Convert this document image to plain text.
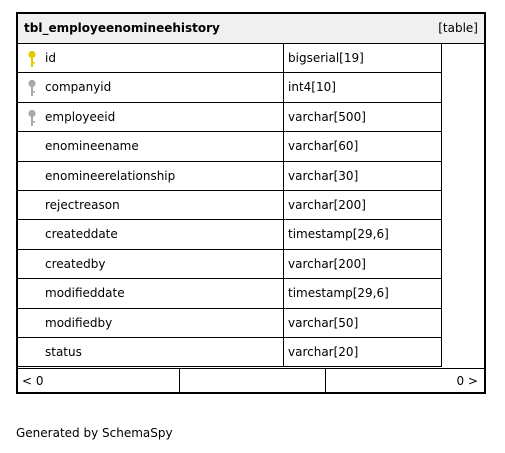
tbl_employeenomineehistory	[table]
id	bigserial[19]
companyid	int4[10]
employeeid	varchar[500]
enomineename	varchar[60]
enomineerelationship	varchar[30]
rejectreason	varchar[200]
createddate	timestamp[29,6]
createdby	varchar[200]
modifieddate	timestamp[29,6]
modifiedby	varchar[50]
status	varchar[20]
< 0	0 >
Generated by SchemaSpy
